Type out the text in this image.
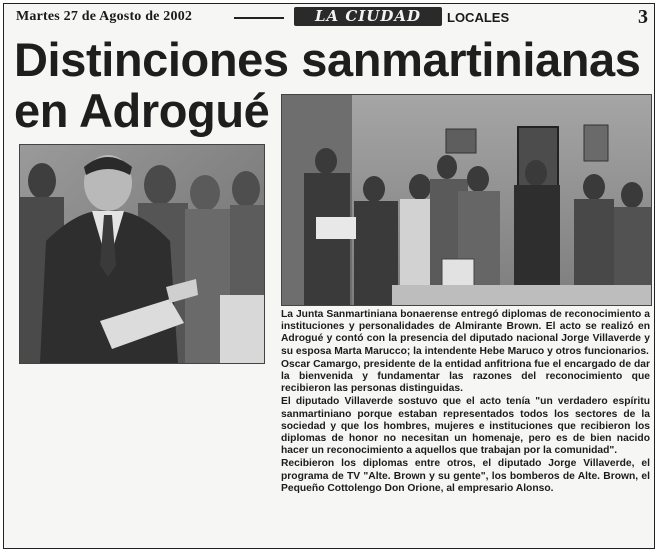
Martes 27 de Agosto de 2002	LA CIUDAD	LOCALES	3
Distinciones sanmartinianas
en Adrogué

La Junta Sanmartiniana bonaerense entregó diplomas de reconocimiento a instituciones y personalidades de Almirante Brown. El acto se realizó en Adrogué y contó con la presencia del diputado nacional Jorge Villaverde y su esposa Marta Marucco; la intendente Hebe Maruco y otros funcionarios.

Oscar Camargo, presidente de la entidad anfitriona fue el encargado de dar la bienvenida y fundamentar las razones del reconocimiento que recibieron las personas distinguidas.

El diputado Villaverde sostuvo que el acto tenía "un verdadero espíritu sanmartiniano porque estaban representados todos los sectores de la sociedad y que los hombres, mujeres e instituciones que recibieron los diplomas de honor no necesitan un homenaje, pero es de bien nacido hacer un reconocimiento a aquellos que trabajan por la comunidad".

Recibieron los diplomas entre otros, el diputado Jorge Villaverde, el programa de TV "Alte. Brown y su gente", los bomberos de Alte. Brown, el Pequeño Cottolengo Don Orione, al empresario Alonso.
